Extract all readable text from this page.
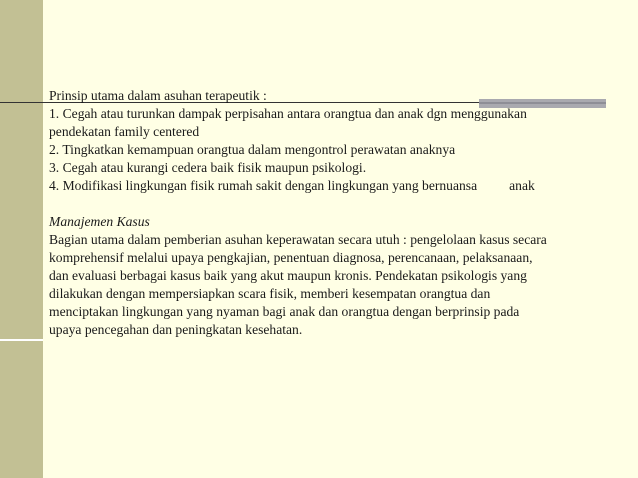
Prinsip utama dalam asuhan terapeutik :

1. Cegah atau turunkan dampak perpisahan antara orangtua dan anak dgn menggunakan

pendekatan family centered

2. Tingkatkan kemampuan orangtua dalam mengontrol perawatan anaknya

3. Cegah atau kurangi cedera baik fisik maupun psikologi.

4. Modifikasi lingkungan fisik rumah sakit dengan lingkungan yang bernuansa anak

Manajemen Kasus

Bagian utama dalam pemberian asuhan keperawatan secara utuh : pengelolaan kasus secara

komprehensif melalui upaya pengkajian, penentuan diagnosa, perencanaan, pelaksanaan,

dan evaluasi berbagai kasus baik yang akut maupun kronis. Pendekatan psikologis yang

dilakukan dengan mempersiapkan scara fisik, memberi kesempatan orangtua dan

menciptakan lingkungan yang nyaman bagi anak dan orangtua dengan berprinsip pada

upaya pencegahan dan peningkatan kesehatan.
